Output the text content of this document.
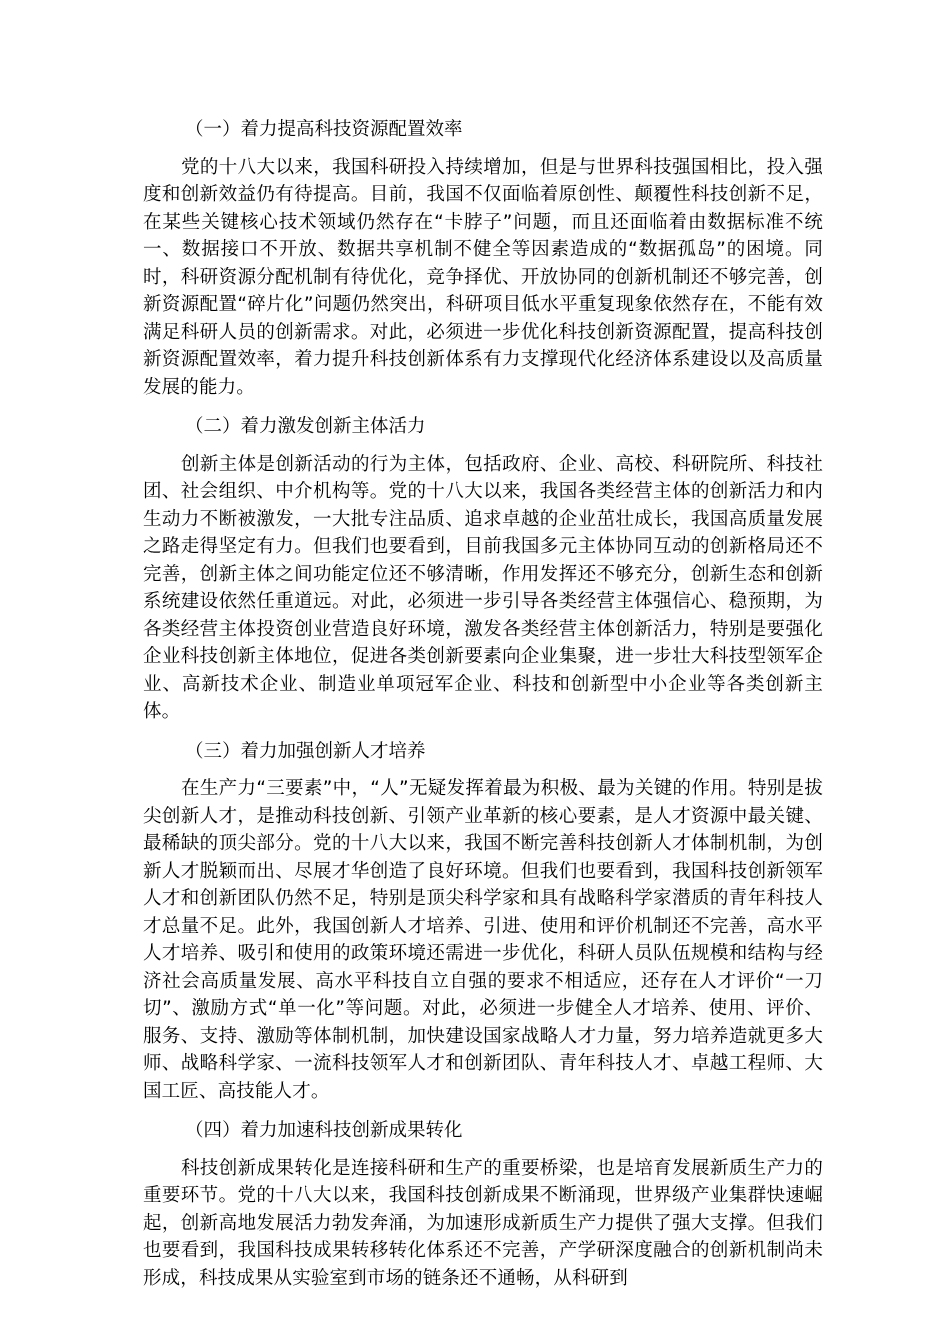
（一）着力提高科技资源配置效率

党的十八大以来，我国科研投入持续增加，但是与世界科技强国相比，投入强度和创新效益仍有待提高。目前，我国不仅面临着原创性、颠覆性科技创新不足，在某些关键核心技术领域仍然存在“卡脖子”问题，而且还面临着由数据标准不统一、数据接口不开放、数据共享机制不健全等因素造成的“数据孤岛”的困境。同时，科研资源分配机制有待优化，竞争择优、开放协同的创新机制还不够完善，创新资源配置“碎片化”问题仍然突出，科研项目低水平重复现象依然存在，不能有效满足科研人员的创新需求。对此，必须进一步优化科技创新资源配置，提高科技创新资源配置效率，着力提升科技创新体系有力支撑现代化经济体系建设以及高质量发展的能力。

（二）着力激发创新主体活力

创新主体是创新活动的行为主体，包括政府、企业、高校、科研院所、科技社团、社会组织、中介机构等。党的十八大以来，我国各类经营主体的创新活力和内生动力不断被激发，一大批专注品质、追求卓越的企业茁壮成长，我国高质量发展之路走得坚定有力。但我们也要看到，目前我国多元主体协同互动的创新格局还不完善，创新主体之间功能定位还不够清晰，作用发挥还不够充分，创新生态和创新系统建设依然任重道远。对此，必须进一步引导各类经营主体强信心、稳预期，为各类经营主体投资创业营造良好环境，激发各类经营主体创新活力，特别是要强化企业科技创新主体地位，促进各类创新要素向企业集聚，进一步壮大科技型领军企业、高新技术企业、制造业单项冠军企业、科技和创新型中小企业等各类创新主体。

（三）着力加强创新人才培养

在生产力“三要素”中，“人”无疑发挥着最为积极、最为关键的作用。特别是拔尖创新人才，是推动科技创新、引领产业革新的核心要素，是人才资源中最关键、最稀缺的顶尖部分。党的十八大以来，我国不断完善科技创新人才体制机制，为创新人才脱颖而出、尽展才华创造了良好环境。但我们也要看到，我国科技创新领军人才和创新团队仍然不足，特别是顶尖科学家和具有战略科学家潜质的青年科技人才总量不足。此外，我国创新人才培养、引进、使用和评价机制还不完善，高水平人才培养、吸引和使用的政策环境还需进一步优化，科研人员队伍规模和结构与经济社会高质量发展、高水平科技自立自强的要求不相适应，还存在人才评价“一刀切”、激励方式“单一化”等问题。对此，必须进一步健全人才培养、使用、评价、服务、支持、激励等体制机制，加快建设国家战略人才力量，努力培养造就更多大师、战略科学家、一流科技领军人才和创新团队、青年科技人才、卓越工程师、大国工匠、高技能人才。

（四）着力加速科技创新成果转化

科技创新成果转化是连接科研和生产的重要桥梁，也是培育发展新质生产力的重要环节。党的十八大以来，我国科技创新成果不断涌现，世界级产业集群快速崛起，创新高地发展活力勃发奔涌，为加速形成新质生产力提供了强大支撑。但我们也要看到，我国科技成果转移转化体系还不完善，产学研深度融合的创新机制尚未形成，科技成果从实验室到市场的链条还不通畅，从科研到
